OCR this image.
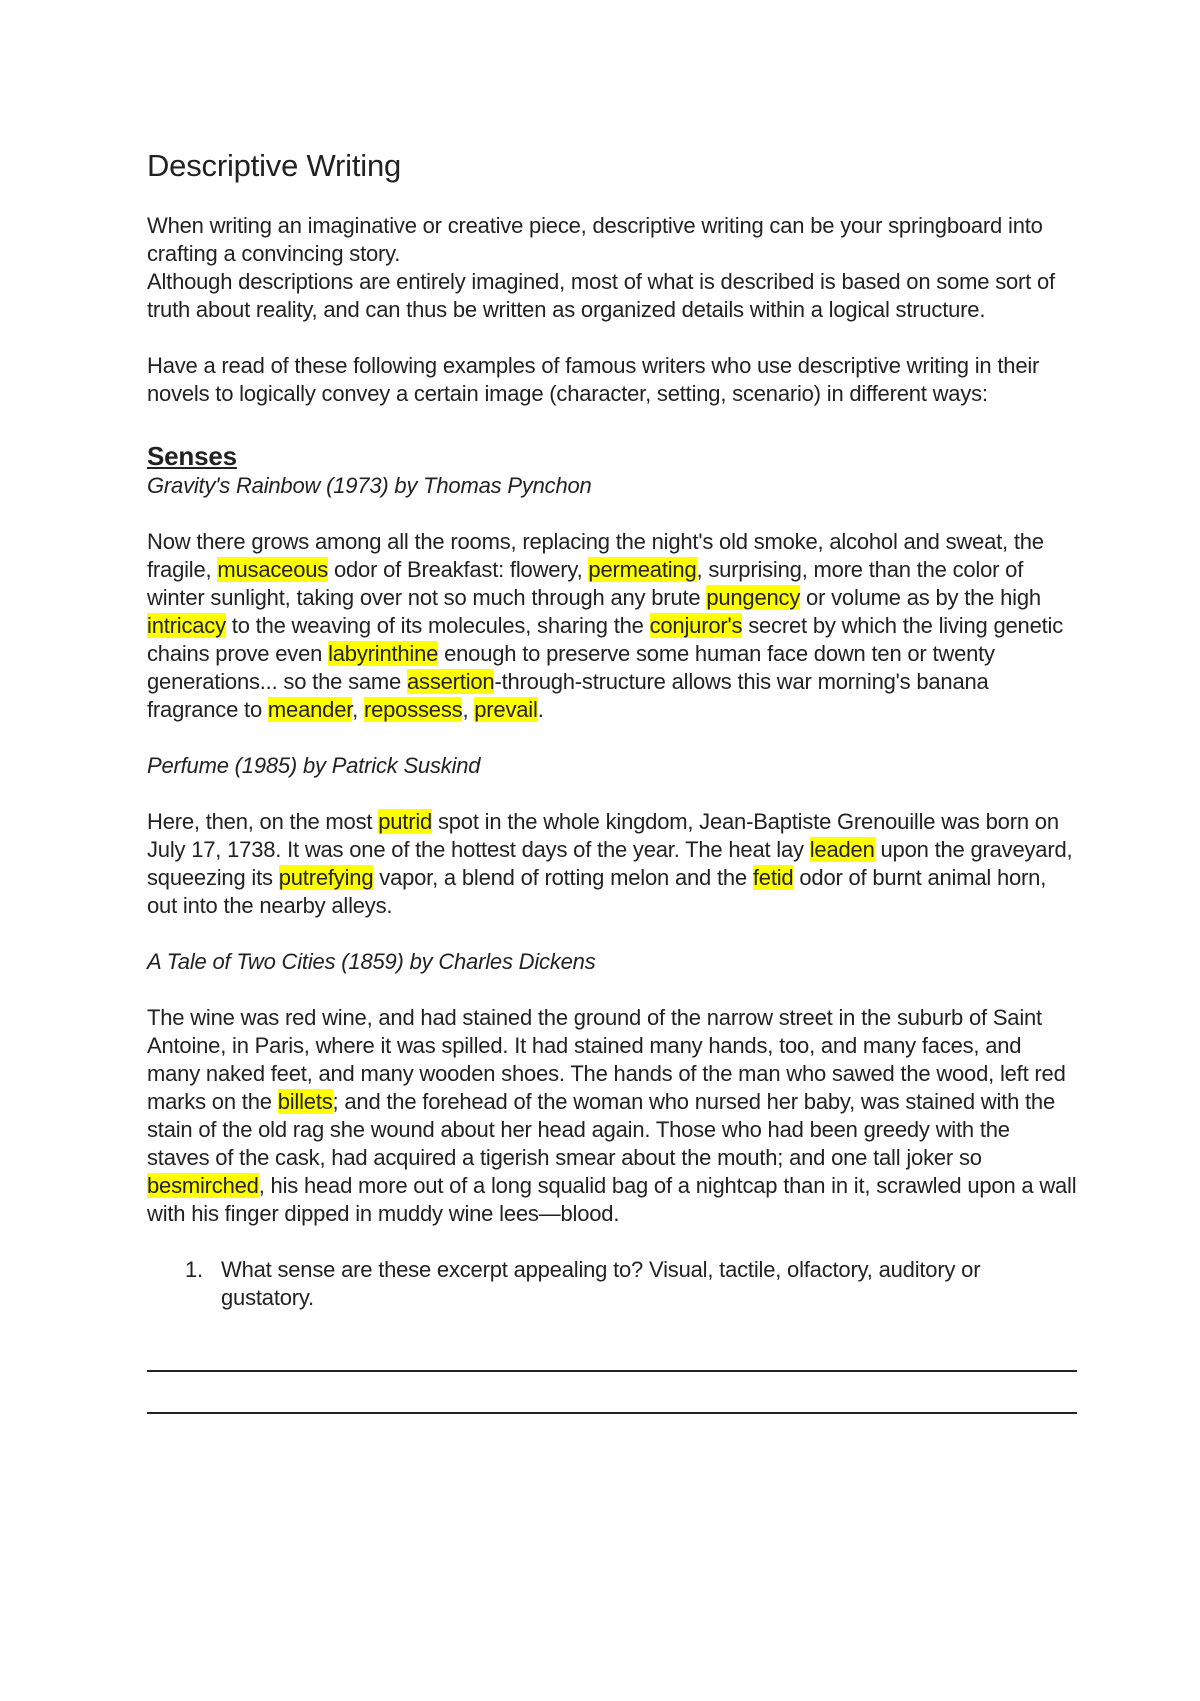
Descriptive Writing

When writing an imaginative or creative piece, descriptive writing can be your springboard into crafting a convincing story.

Although descriptions are entirely imagined, most of what is described is based on some sort of truth about reality, and can thus be written as organized details within a logical structure.

Have a read of these following examples of famous writers who use descriptive writing in their novels to logically convey a certain image (character, setting, scenario) in different ways:

Senses

Gravity's Rainbow (1973) by Thomas Pynchon

Now there grows among all the rooms, replacing the night's old smoke, alcohol and sweat, the fragile, musaceous odor of Breakfast: flowery, permeating, surprising, more than the color of winter sunlight, taking over not so much through any brute pungency or volume as by the high intricacy to the weaving of its molecules, sharing the conjuror's secret by which the living genetic chains prove even labyrinthine enough to preserve some human face down ten or twenty generations... so the same assertion-through-structure allows this war morning's banana fragrance to meander, repossess, prevail.

Perfume (1985) by Patrick Suskind

Here, then, on the most putrid spot in the whole kingdom, Jean-Baptiste Grenouille was born on July 17, 1738. It was one of the hottest days of the year. The heat lay leaden upon the graveyard, squeezing its putrefying vapor, a blend of rotting melon and the fetid odor of burnt animal horn, out into the nearby alleys.

A Tale of Two Cities (1859) by Charles Dickens

The wine was red wine, and had stained the ground of the narrow street in the suburb of Saint Antoine, in Paris, where it was spilled. It had stained many hands, too, and many faces, and many naked feet, and many wooden shoes. The hands of the man who sawed the wood, left red marks on the billets; and the forehead of the woman who nursed her baby, was stained with the stain of the old rag she wound about her head again. Those who had been greedy with the staves of the cask, had acquired a tigerish smear about the mouth; and one tall joker so besmirched, his head more out of a long squalid bag of a nightcap than in it, scrawled upon a wall with his finger dipped in muddy wine lees—blood.

1. What sense are these excerpt appealing to? Visual, tactile, olfactory, auditory or gustatory.
